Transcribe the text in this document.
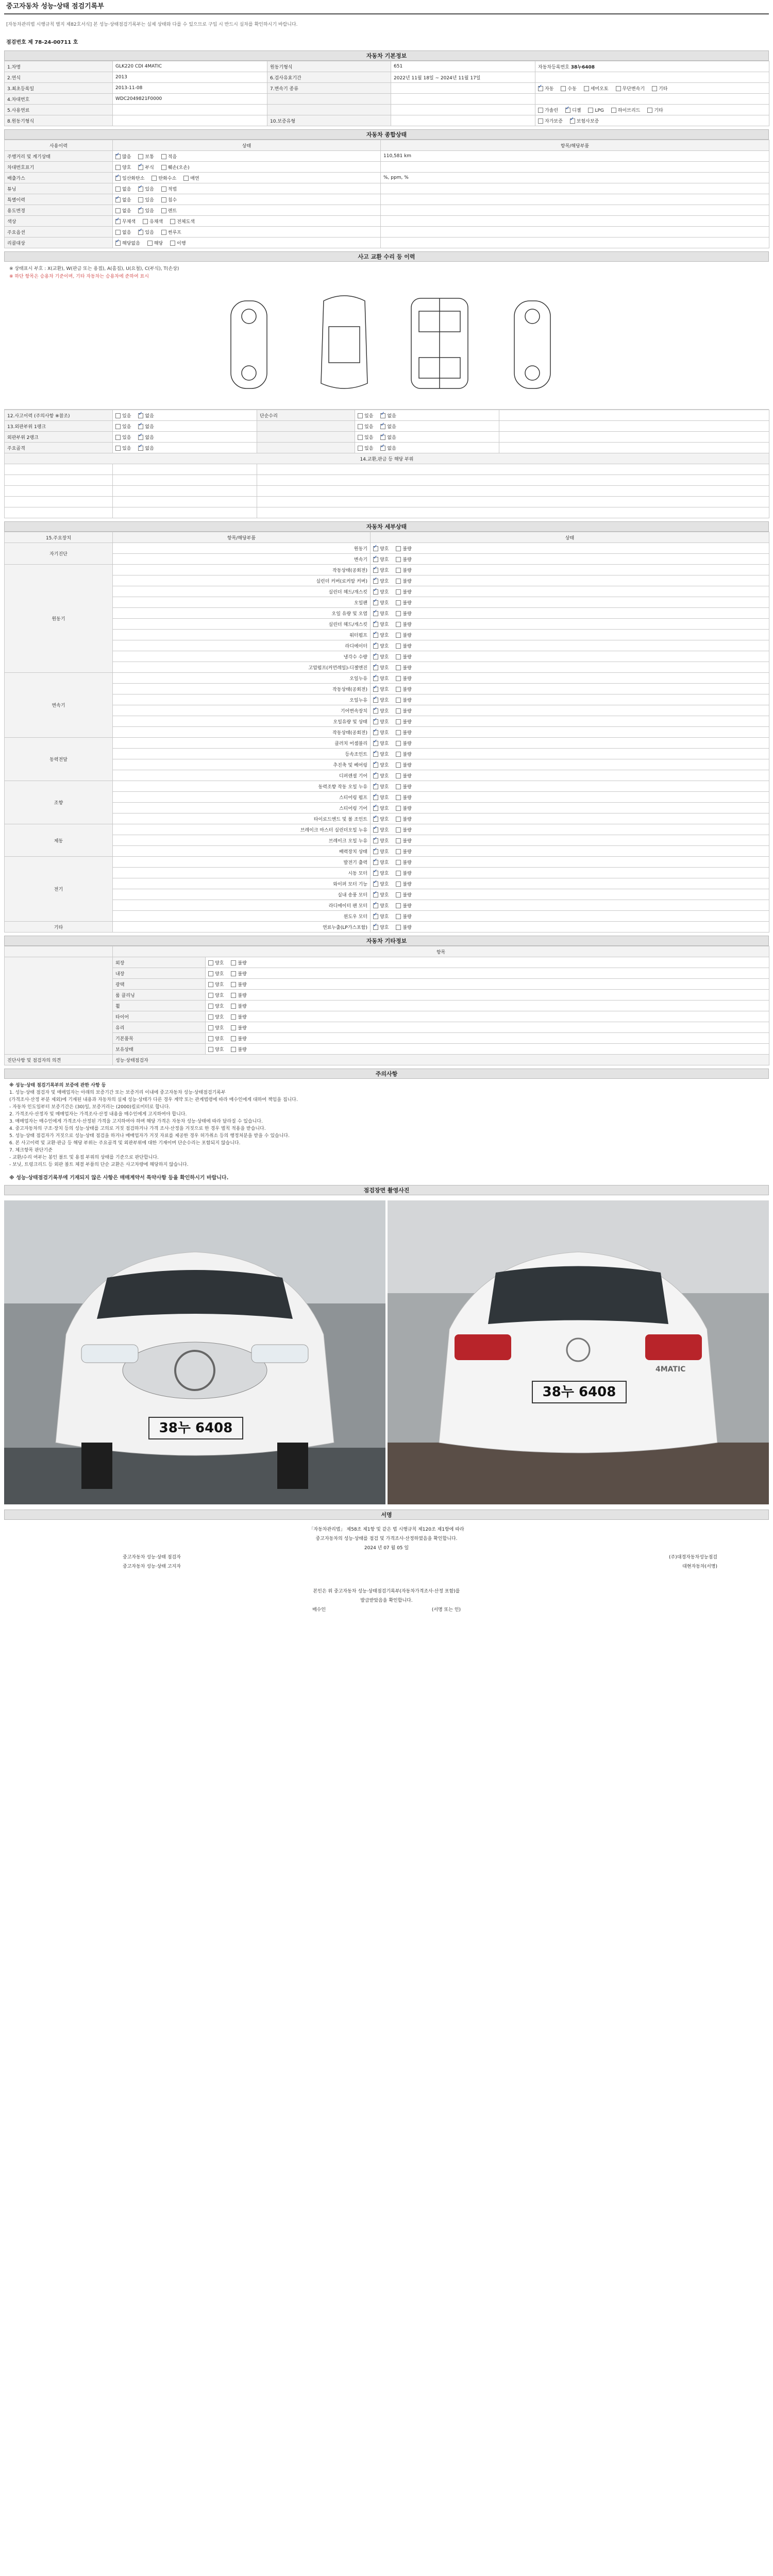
중고자동차 성능·상태 점검기록부
[자동차관리법 시행규칙 별지 제82호서식] 본 성능·상태점검기록부는 실제 상태와 다를 수 있으므로 구입 시 반드시 실차를 확인하시기 바랍니다.
점검번호 제 78-24-00711 호
자동차 기본정보
1.차명	GLK220 CDI 4MATIC	원동기형식	651	자동차등록번호 38누6408
2.연식	2013	6.검사유효기간	2022년 11월 18일 ~ 2024년 11월 17일	
3.최초등록일	2013-11-08	7.변속기 종류		✓자동 수동 세미오토 무단변속기 기타
4.차대번호	WDC2049821F0000			
5.사용연료				가솔린 ✓ 디젤 LPG 하이브리드 기타
8.원동기형식		10.보증유형		자가보증 ✓ 보험사보증
자동차 종합상태
사용이력	상태	항목/해당부품
주행거리 및 계기상태	✓많음 보통 적음	110,581 km
차대번호표기	양호 ✓ 부식 훼손(오손)	
배출가스	✓일산화탄소 탄화수소 매연	%, ppm, %
튜닝	없음 ✓ 있음 적법	
특별이력	✓없음 있음 침수	
용도변경	없음 ✓ 있음 렌트	
색상	✓무채색 유채색 전체도색	
주요옵션	없음 ✓ 있음 썬루프	
리콜대상	✓해당없음 해당 이행	
사고 교환 수리 등 이력
※ 상태표시 부호 : X(교환), W(판금 또는 용접), A(흠집), U(요철), C(부식), T(손상)
※ 하단 항목은 승용차 기준이며, 기타 자동차는 승용차에 준하여 표시
12.사고이력 (주의사항 ※참조)	있음 ✓ 없음	단순수리	있음 ✓ 없음	
13.외판부위 1랭크	있음 ✓ 없음		있음 ✓ 없음	
외판부위 2랭크	있음 ✓ 없음		있음 ✓ 없음	
주요골격	있음 ✓ 없음		있음 ✓ 없음	
14.교환,판금 등 해당 부위				

자동차 세부상태
15.주요장치	항목/해당부품	상태
자기진단	원동기	✓양호 불량
	변속기	✓양호 불량
원동기	작동상태(공회전)	✓양호 불량
	실린더 커버(로커암 커버)	✓양호 불량
	실린더 헤드/개스킷	✓양호 불량
	오일팬	✓양호 불량
	오일 유량 및 오염	✓양호 불량
	실린더 헤드/개스킷	✓양호 불량
	워터펌프	✓양호 불량
	라디에이터	✓양호 불량
	냉각수 수량	✓양호 불량
	고압펌프(커먼레일)-디젤엔진	✓양호 불량
변속기	오일누유	✓양호 불량
	작동상태(공회전)	✓양호 불량
	오일누유	✓양호 불량
	기어변속장치	✓양호 불량
	오일유량 및 상태	✓양호 불량
	작동상태(공회전)	✓양호 불량
동력전달	클러치 어셈블리	✓양호 불량
	등속조인트	✓양호 불량
	추진축 및 베어링	✓양호 불량
	디퍼렌셜 기어	✓양호 불량
조향	동력조향 작동 오일 누유	✓양호 불량
	스티어링 펌프	✓양호 불량
	스티어링 기어	✓양호 불량
	타이로드엔드 및 볼 조인트	✓양호 불량
제동	브레이크 마스터 실린더오일 누유	✓양호 불량
	브레이크 오일 누유	✓양호 불량
	배력장치 상태	✓양호 불량
전기	발전기 출력	✓양호 불량
	시동 모터	✓양호 불량
	와이퍼 모터 기능	✓양호 불량
	실내 송풍 모터	✓양호 불량
	라디에이터 팬 모터	✓양호 불량
	윈도우 모터	✓양호 불량
기타	연료누출(LP가스포함)	✓양호 불량
자동차 기타정보
	항목	
	외장	양호 불량
	내장	양호 불량
	광택	양호 불량
	룸 클리닝	양호 불량
	휠	양호 불량
	타이어	양호 불량
	유리	양호 불량
	기본품목	양호 불량
	보유상태	양호 불량
진단사항 및 점검자의 의견	성능·상태점검자	
주의사항
※ 성능·상태 점검기록부의 보증에 관한 사항 등
1. 성능·상태 점검자 및 매매업자는 아래의 보증기간 또는 보증거리 이내에 중고자동차 성능·상태점검기록부
(가격조사·산정 부분 제외)에 기재된 내용과 자동차의 실제 성능·상태가 다른 경우 계약 또는 관계법령에 따라 매수인에게 대하여 책임을 집니다.
- 자동차 인도일부터 보증기간은 (30)일, 보증거리는 (2000)킬로미터로 합니다.
2. 가격조사·산정자 및 매매업자는 가격조사·산정 내용을 매수인에게 고지하여야 합니다.
3. 매매업자는 매수인에게 가격조사·산정된 가격을 고지하여야 하며 해당 가격은 자동차 성능·상태에 따라 달라질 수 있습니다.
4. 중고자동차의 구조·장치 등의 성능·상태를 고의로 거짓 점검하거나 가격 조사·산정을 거짓으로 한 경우 벌칙 적용을 받습니다.
5. 성능·상태 점검자가 거짓으로 성능·상태 점검을 하거나 매매업자가 거짓 자료를 제공한 경우 허가취소 등의 행정처분을 받을 수 있습니다.
6. 본 사고이력 및 교환·판금 등 해당 부위는 주요골격 및 외판부위에 대한 기재이며 단순수리는 포함되지 않습니다.
7. 체크항목 판단기준
- 교환/수리 여부는 봉인 볼트 및 용접 부위의 상태를 기준으로 판단합니다.
- 보닛, 트렁크리드 등 외판 볼트 체결 부품의 단순 교환은 사고차량에 해당하지 않습니다.
※ 성능·상태점검기록부에 기재되지 않은 사항은 매매계약서 특약사항 등을 확인하시기 바랍니다.
점검장면 촬영사진
38누 6408
4MATIC
38누 6408
서명
「자동차관리법」 제58조 제1항 및 같은 법 시행규칙 제120조 제1항에 따라
중고자동차의 성능·상태를 점검 및 가격조사·산정하였음을 확인합니다.
2024 년 07 월 05 일
중고자동차 성능·상태 점검자	(주)대경자동차성능점검
중고자동차 성능·상태 고지자	대현자동차(서명)
본인은 위 중고자동차 성능·상태점검기록부(자동차가격조사·산정 포함)를
발급받았음을 확인합니다.
매수인	(서명 또는 인)
